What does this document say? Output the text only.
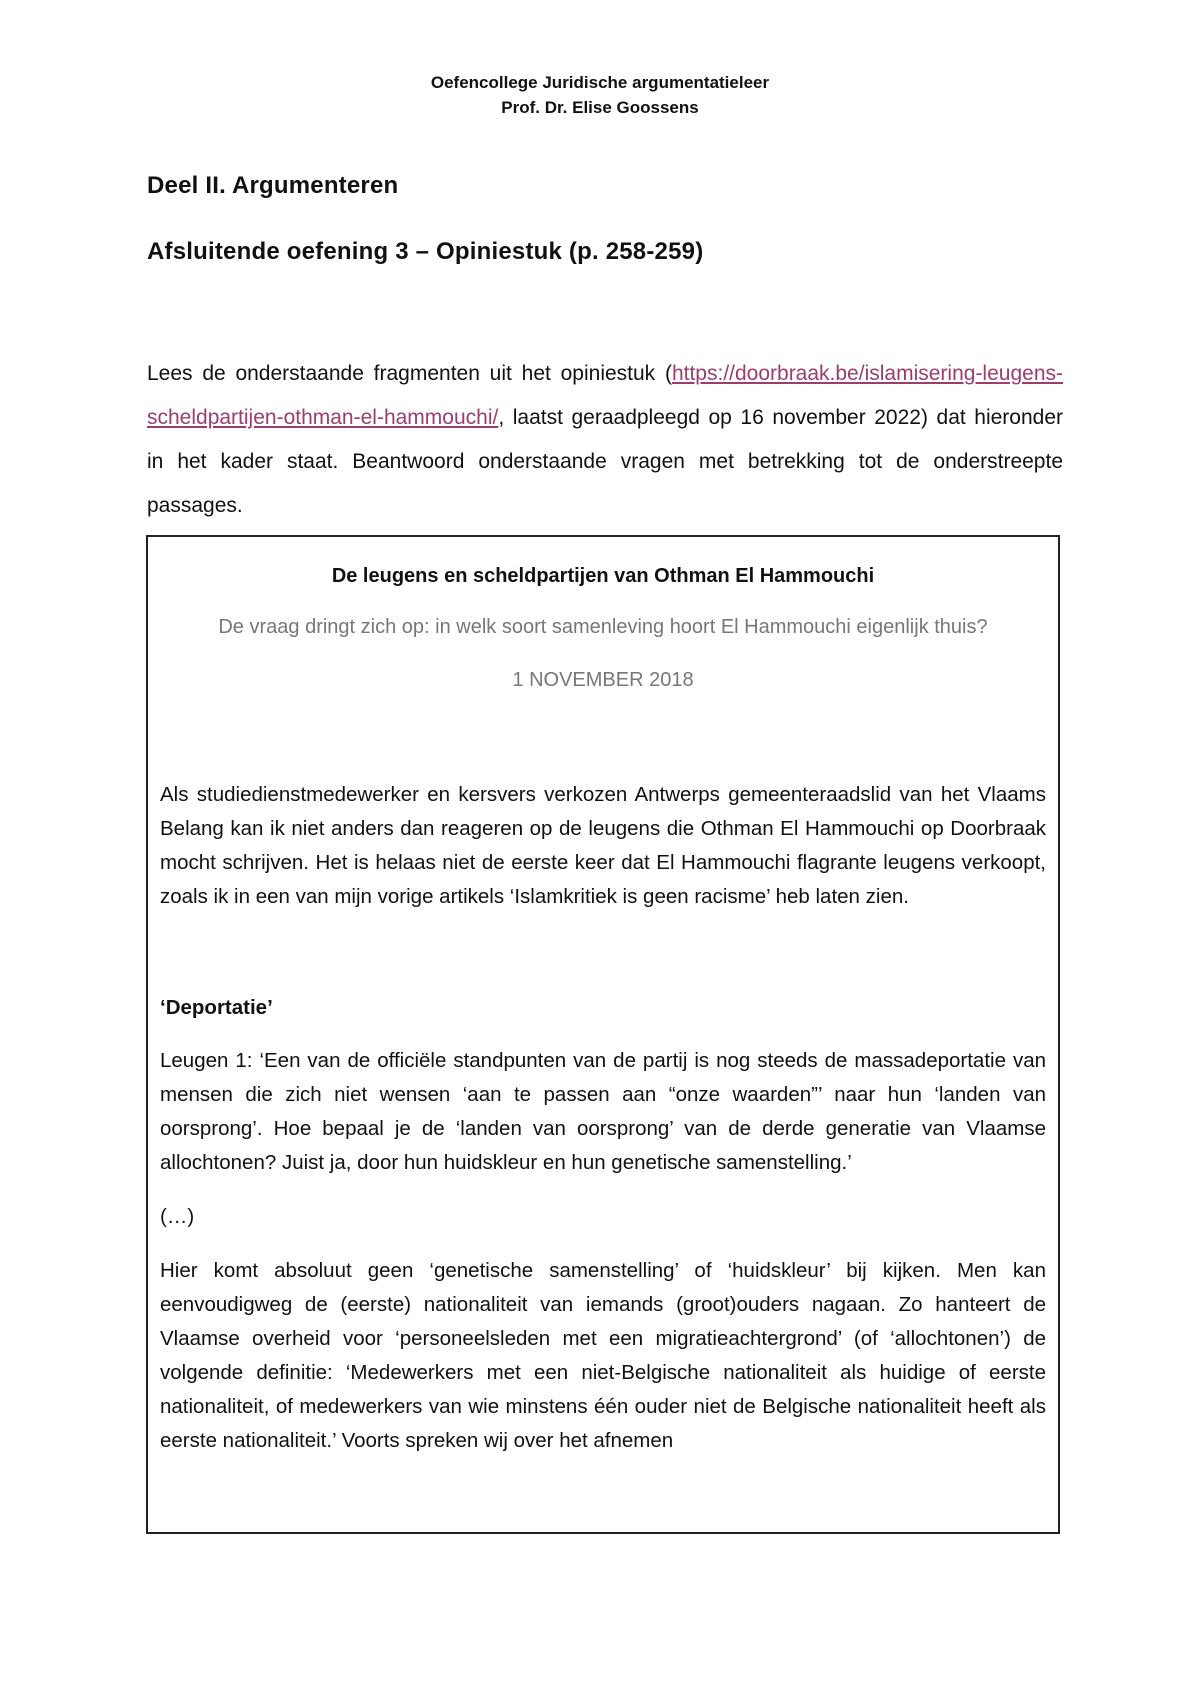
Oefencollege Juridische argumentatieleer
Prof. Dr. Elise Goossens
Deel II. Argumenteren
Afsluitende oefening 3 – Opiniestuk (p. 258-259)

Lees de onderstaande fragmenten uit het opiniestuk (https://doorbraak.be/islamisering-leugens-scheldpartijen-othman-el-hammouchi/, laatst geraadpleegd op 16 november 2022) dat hieronder in het kader staat. Beantwoord onderstaande vragen met betrekking tot de onderstreepte passages.

De leugens en scheldpartijen van Othman El Hammouchi

De vraag dringt zich op: in welk soort samenleving hoort El Hammouchi eigenlijk thuis?

1 NOVEMBER 2018

Als studiedienstmedewerker en kersvers verkozen Antwerps gemeenteraadslid van het Vlaams Belang kan ik niet anders dan reageren op de leugens die Othman El Hammouchi op Doorbraak mocht schrijven. Het is helaas niet de eerste keer dat El Hammouchi flagrante leugens verkoopt, zoals ik in een van mijn vorige artikels ‘Islamkritiek is geen racisme’ heb laten zien.

‘Deportatie’

Leugen 1: ‘Een van de officiële standpunten van de partij is nog steeds de massadeportatie van mensen die zich niet wensen ‘aan te passen aan “onze waarden”’ naar hun ‘landen van oorsprong’. Hoe bepaal je de ‘landen van oorsprong’ van de derde generatie van Vlaamse allochtonen? Juist ja, door hun huidskleur en hun genetische samenstelling.’

(…)

Hier komt absoluut geen ‘genetische samenstelling’ of ‘huidskleur’ bij kijken. Men kan eenvoudigweg de (eerste) nationaliteit van iemands (groot)ouders nagaan. Zo hanteert de Vlaamse overheid voor ‘personeelsleden met een migratieachtergrond’ (of ‘allochtonen’) de volgende definitie: ‘Medewerkers met een niet-Belgische nationaliteit als huidige of eerste nationaliteit, of medewerkers van wie minstens één ouder niet de Belgische nationaliteit heeft als eerste nationaliteit.’ Voorts spreken wij over het afnemen
